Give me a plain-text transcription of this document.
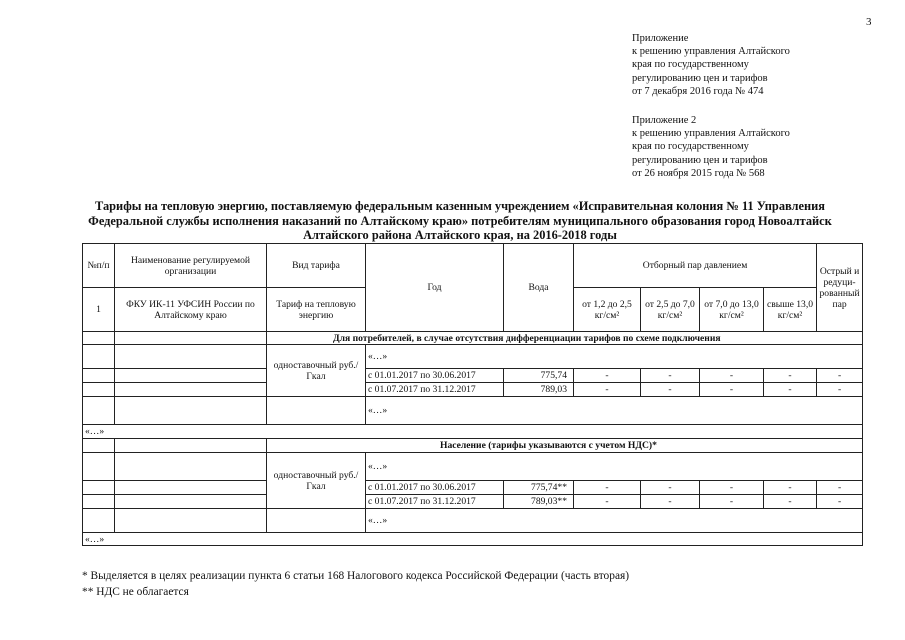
3
Приложение
к решению управления Алтайского
края по государственному
регулированию цен и тарифов
от 7 декабря 2016 года № 474
Приложение 2
к решению управления Алтайского
края по государственному
регулированию цен и тарифов
от 26 ноября 2015 года № 568
Тарифы на тепловую энергию, поставляемую федеральным казенным учреждением «Исправительная колония № 11 Управления
Федеральной службы исполнения наказаний по Алтайскому краю» потребителям муниципального образования город Новоалтайск
Алтайского района Алтайского края, на 2016-2018 годы
№п/п	Наименование регулируемой организации	Вид тарифа	Год	Вода	Отборный пар давлением				Острый и редуци-рованный пар
1	ФКУ ИК-11 УФСИН России по Алтайскому краю	Тариф на тепловую энергию			от 1,2 до 2,5 кг/см²	от 2,5 до 7,0 кг/см²	от 7,0 до 13,0 кг/см²	свыше 13,0 кг/см²	
		Для потребителей, в случае отсутствия дифференциации тарифов по схеме подключения							
		одноставочный руб./Гкал	«…»						
			с 01.01.2017 по 30.06.2017	775,74	-	-	-	-	-
			с 01.07.2017 по 31.12.2017	789,03	-	-	-	-	-
			«…»						
«…»									
		Население (тарифы указываются с учетом НДС)*							
		одноставочный руб./Гкал	«…»						
			с 01.01.2017 по 30.06.2017	775,74**	-	-	-	-	-
			с 01.07.2017 по 31.12.2017	789,03**	-	-	-	-	-
			«…»						
«…»									
* Выделяется в целях реализации пункта 6 статьи 168 Налогового кодекса Российской Федерации (часть вторая)
** НДС не облагается
